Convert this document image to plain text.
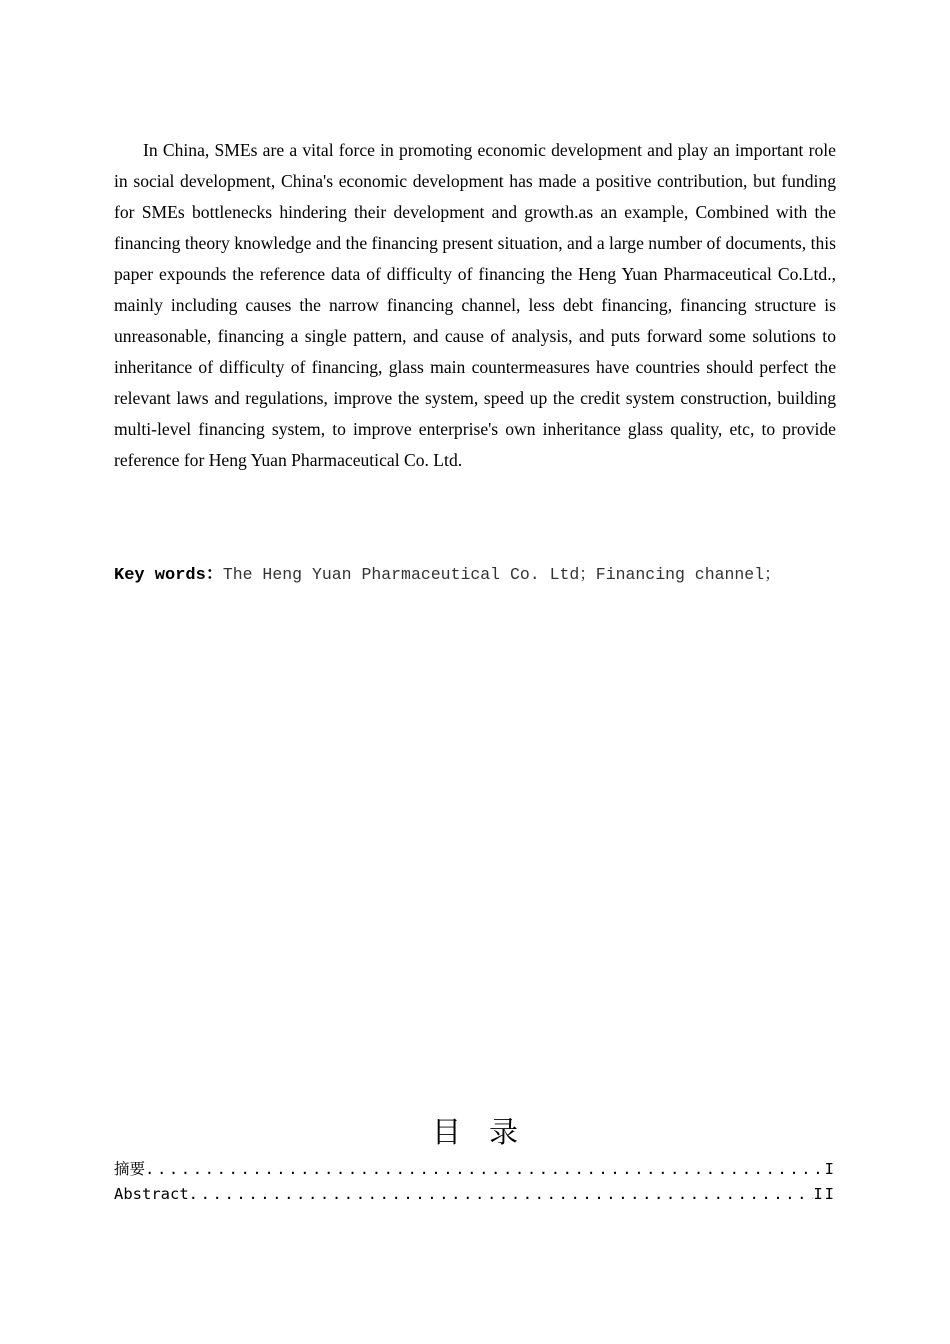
In China, SMEs are a vital force in promoting economic development and play an important role in social development, China's economic development has made a positive contribution, but funding for SMEs bottlenecks hindering their development and growth.as an example, Combined with the financing theory knowledge and the financing present situation, and a large number of documents, this paper expounds the reference data of difficulty of financing the Heng Yuan Pharmaceutical Co.Ltd., mainly including causes the narrow financing channel, less debt financing, financing structure is unreasonable, financing a single pattern, and cause of analysis, and puts forward some solutions to inheritance of difficulty of financing, glass main countermeasures have countries should perfect the relevant laws and regulations, improve the system, speed up the credit system construction, building multi-level financing system, to improve enterprise's own inheritance glass quality, etc, to provide reference for Heng Yuan Pharmaceutical Co. Ltd.

Key words：The Heng Yuan Pharmaceutical Co. Ltd；Financing channel；

目录
摘要 .....	I
Abstract .....	II
